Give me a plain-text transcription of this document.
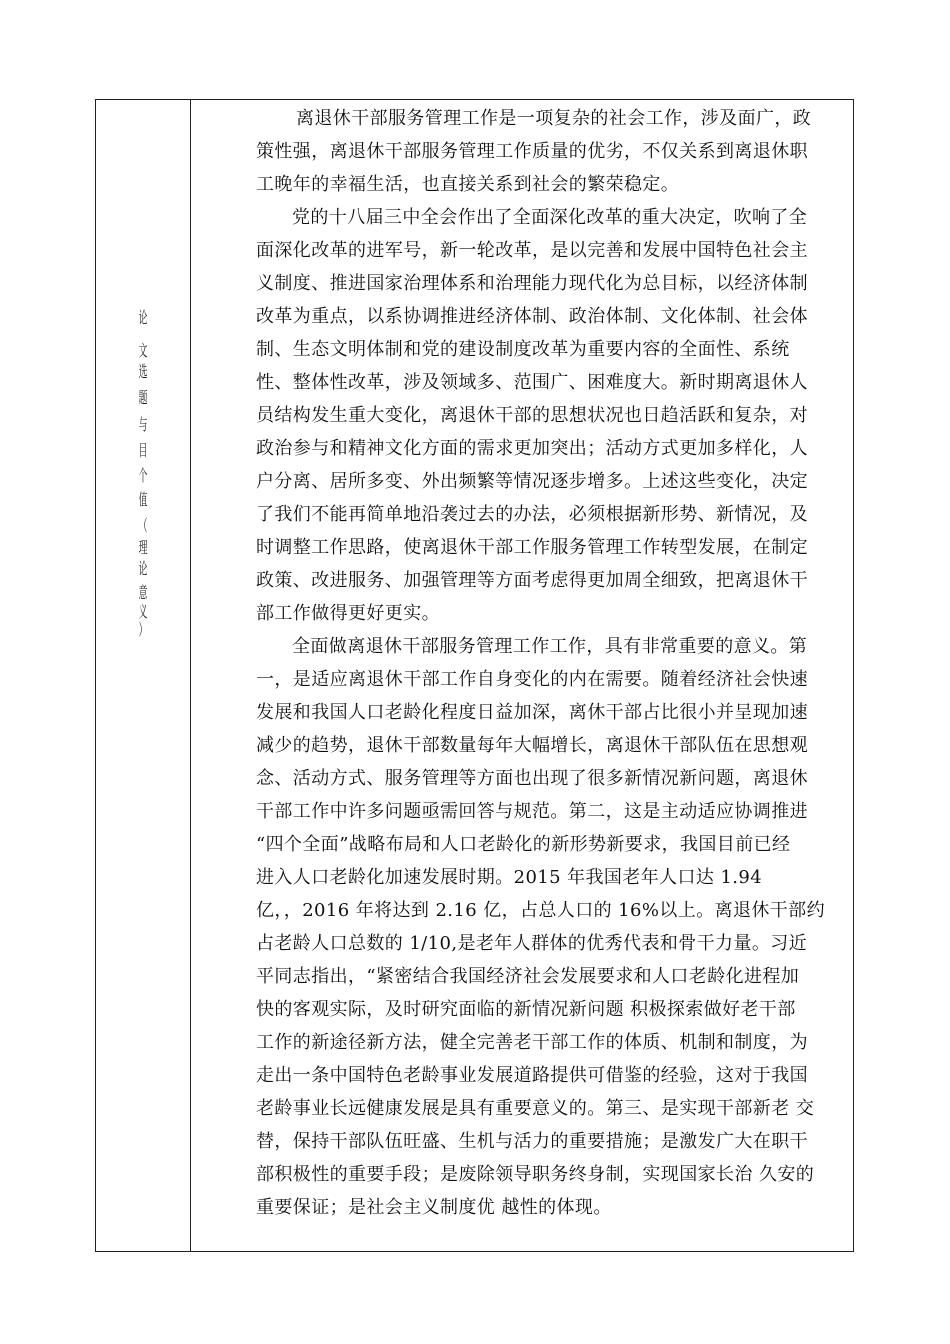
论
文
选
题
与
目
个
值
（
理
论
意
义
）
离退休干部服务管理工作是一项复杂的社会工作，涉及面广，政
策性强，离退休干部服务管理工作质量的优劣，不仅关系到离退休职
工晚年的幸福生活，也直接关系到社会的繁荣稳定。
党的十八届三中全会作出了全面深化改革的重大决定，吹响了全
面深化改革的进军号，新一轮改革，是以完善和发展中国特色社会主
义制度、推进国家治理体系和治理能力现代化为总目标，以经济体制
改革为重点，以系协调推进经济体制、政治体制、文化体制、社会体
制、生态文明体制和党的建设制度改革为重要内容的全面性、系统
性、整体性改革，涉及领域多、范围广、困难度大。新时期离退休人
员结构发生重大变化，离退休干部的思想状况也日趋活跃和复杂，对
政治参与和精神文化方面的需求更加突出；活动方式更加多样化，人
户分离、居所多变、外出频繁等情况逐步增多。上述这些变化，决定
了我们不能再简单地沿袭过去的办法，必须根据新形势、新情况，及
时调整工作思路，使离退休干部工作服务管理工作转型发展，在制定
政策、改进服务、加强管理等方面考虑得更加周全细致，把离退休干
部工作做得更好更实。
全面做离退休干部服务管理工作工作，具有非常重要的意义。第
一，是适应离退休干部工作自身变化的内在需要。随着经济社会快速
发展和我国人口老龄化程度日益加深，离休干部占比很小并呈现加速
减少的趋势，退休干部数量每年大幅增长，离退休干部队伍在思想观
念、活动方式、服务管理等方面也出现了很多新情况新问题，离退休
干部工作中许多问题亟需回答与规范。第二，这是主动适应协调推进
“四个全面”战略布局和人口老龄化的新形势新要求，我国目前已经
进入人口老龄化加速发展时期。2015 年我国老年人口达 1.94
亿，，2016 年将达到 2.16 亿，占总人口的 16%以上。离退休干部约
占老龄人口总数的 1/10,是老年人群体的优秀代表和骨干力量。习近
平同志指出，“紧密结合我国经济社会发展要求和人口老龄化进程加
快的客观实际，及时研究面临的新情况新问题 积极探索做好老干部
工作的新途径新方法，健全完善老干部工作的体质、机制和制度，为
走出一条中国特色老龄事业发展道路提供可借鉴的经验，这对于我国
老龄事业长远健康发展是具有重要意义的。第三、是实现干部新老 交
替，保持干部队伍旺盛、生机与活力的重要措施；是激发广大在职干
部积极性的重要手段；是废除领导职务终身制，实现国家长治 久安的
重要保证；是社会主义制度优 越性的体现。
